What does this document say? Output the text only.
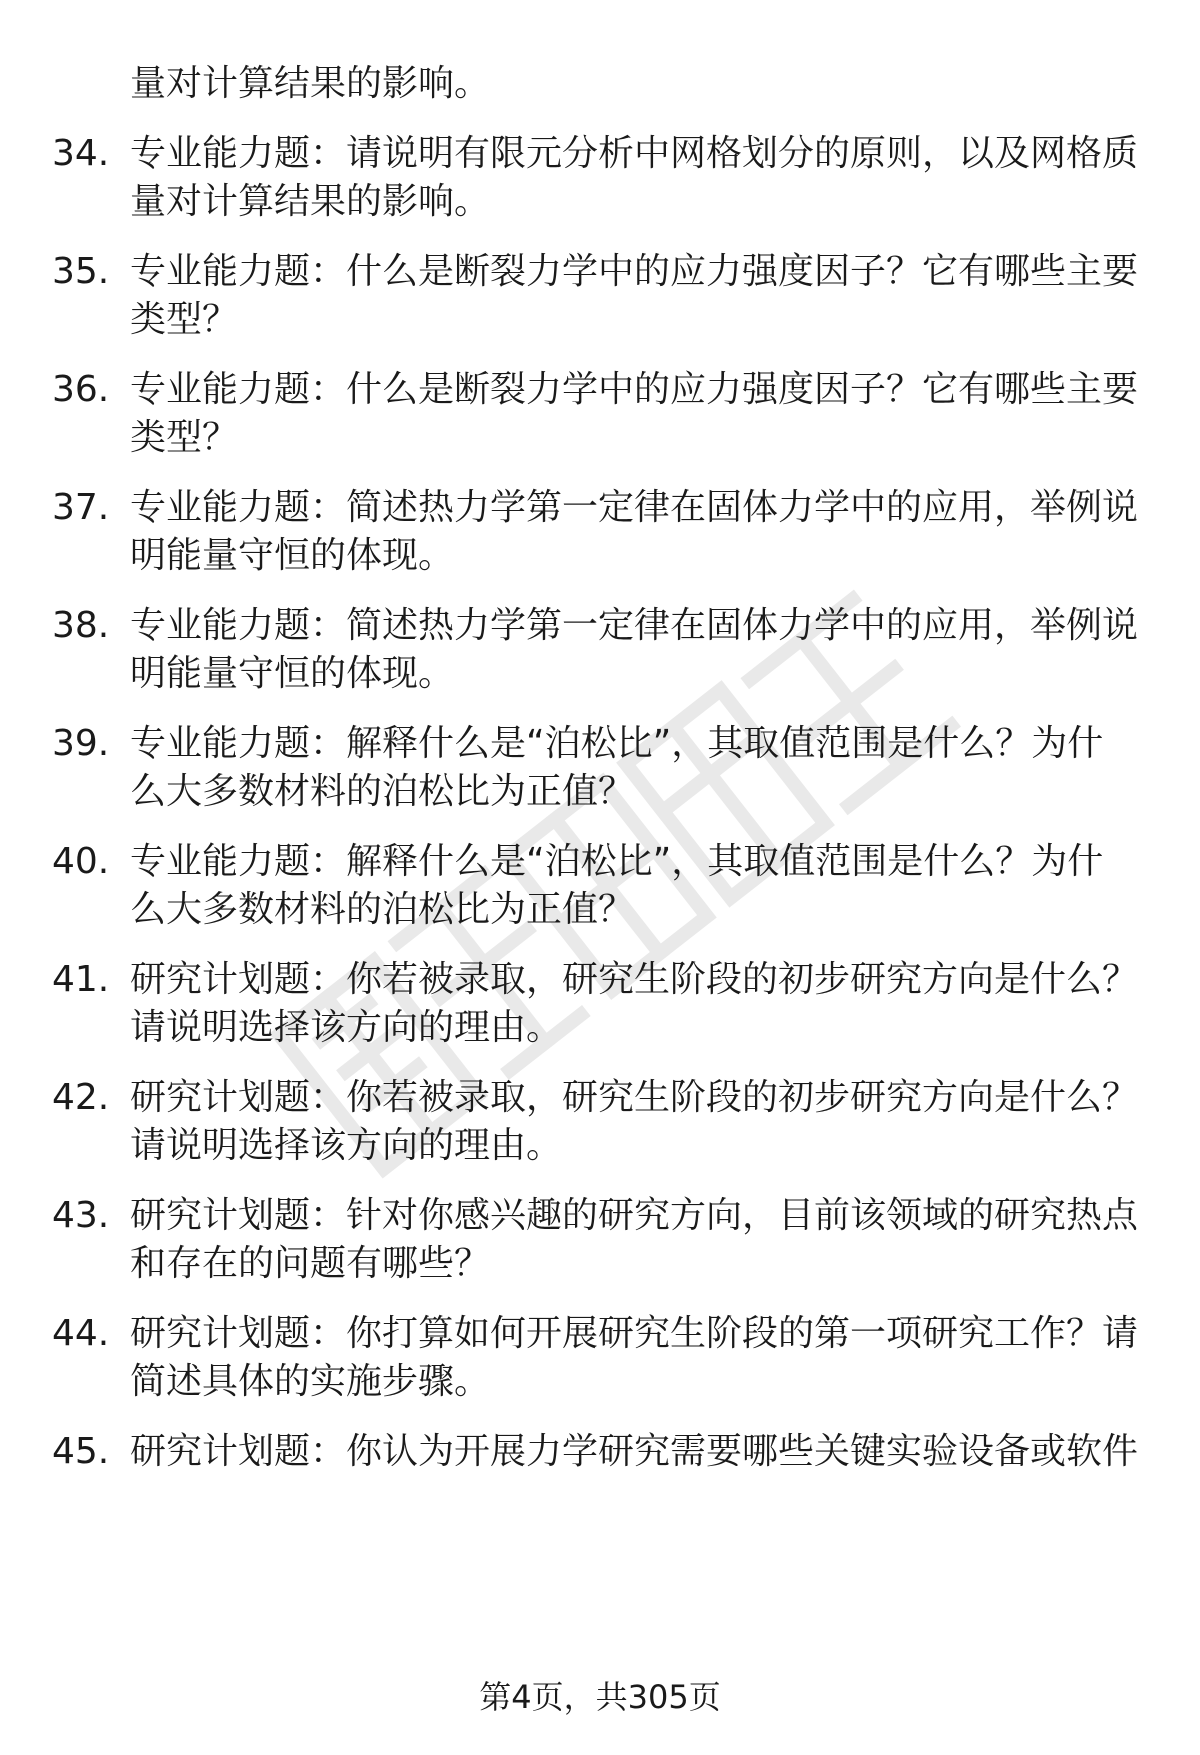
量对计算结果的影响。
34. 专业能力题：请说明有限元分析中网格划分的原则，以及网格质
量对计算结果的影响。
35. 专业能力题：什么是断裂力学中的应力强度因子？它有哪些主要
类型？
36. 专业能力题：什么是断裂力学中的应力强度因子？它有哪些主要
类型？
37. 专业能力题：简述热力学第一定律在固体力学中的应用，举例说
明能量守恒的体现。
38. 专业能力题：简述热力学第一定律在固体力学中的应用，举例说
明能量守恒的体现。
39. 专业能力题：解释什么是“泊松比”，其取值范围是什么？为什
么大多数材料的泊松比为正值？
40. 专业能力题：解释什么是“泊松比”，其取值范围是什么？为什
么大多数材料的泊松比为正值？
41. 研究计划题：你若被录取，研究生阶段的初步研究方向是什么？
请说明选择该方向的理由。
42. 研究计划题：你若被录取，研究生阶段的初步研究方向是什么？
请说明选择该方向的理由。
43. 研究计划题：针对你感兴趣的研究方向，目前该领域的研究热点
和存在的问题有哪些？
44. 研究计划题：你打算如何开展研究生阶段的第一项研究工作？请
简述具体的实施步骤。
45. 研究计划题：你认为开展力学研究需要哪些关键实验设备或软件
第4页，共305页
